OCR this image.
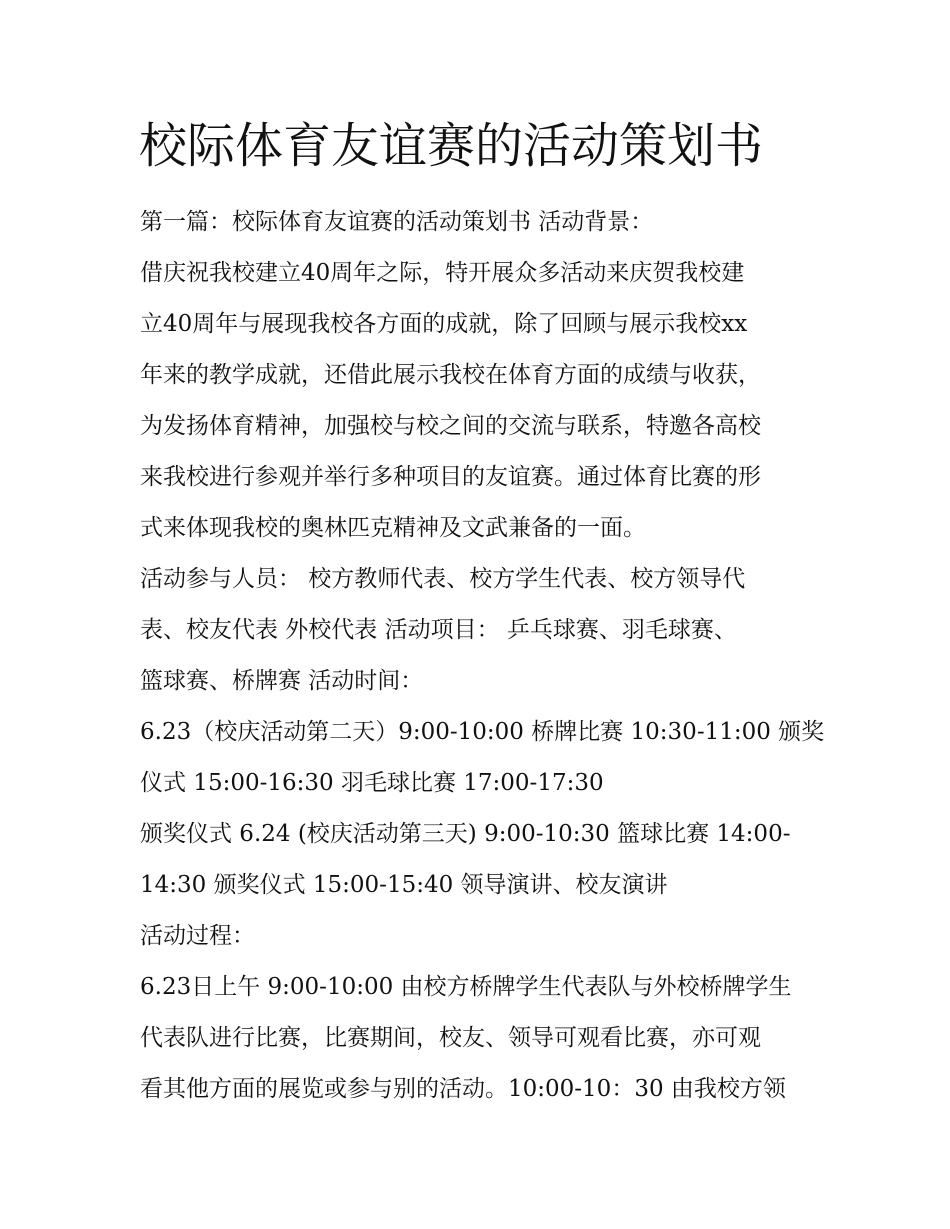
校际体育友谊赛的活动策划书

第一篇：校际体育友谊赛的活动策划书 活动背景：

借庆祝我校建立40周年之际，特开展众多活动来庆贺我校建

立40周年与展现我校各方面的成就，除了回顾与展示我校xx

年来的教学成就，还借此展示我校在体育方面的成绩与收获，

为发扬体育精神，加强校与校之间的交流与联系，特邀各高校

来我校进行参观并举行多种项目的友谊赛。通过体育比赛的形

式来体现我校的奥林匹克精神及文武兼备的一面。

活动参与人员： 校方教师代表、校方学生代表、校方领导代

表、校友代表 外校代表 活动项目： 乒乓球赛、羽毛球赛、

篮球赛、桥牌赛 活动时间：

6.23（校庆活动第二天）9:00-10:00 桥牌比赛 10:30-11:00 颁奖

仪式 15:00-16:30 羽毛球比赛 17:00-17:30

颁奖仪式 6.24 (校庆活动第三天) 9:00-10:30 篮球比赛 14:00-

14:30 颁奖仪式 15:00-15:40 领导演讲、校友演讲

活动过程：

6.23日上午 9:00-10:00 由校方桥牌学生代表队与外校桥牌学生

代表队进行比赛，比赛期间，校友、领导可观看比赛，亦可观

看其他方面的展览或参与别的活动。10:00-10：30 由我校方领
